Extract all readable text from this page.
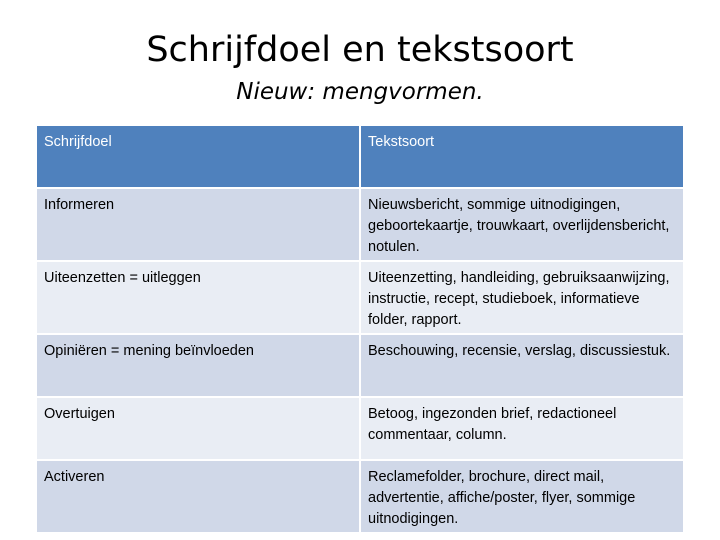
Schrijfdoel en tekstsoort
Nieuw: mengvormen.
Schrijfdoel	Tekstsoort
Informeren	Nieuwsbericht, sommige uitnodigingen, geboortekaartje, trouwkaart, overlijdensbericht, notulen.
Uiteenzetten = uitleggen	Uiteenzetting, handleiding, gebruiksaanwijzing, instructie, recept, studieboek, informatieve folder, rapport.
Opiniëren = mening beïnvloeden	Beschouwing, recensie, verslag, discussiestuk.
Overtuigen	Betoog, ingezonden brief, redactioneel commentaar, column.
Activeren	Reclamefolder, brochure, direct mail, advertentie, affiche/poster, flyer, sommige uitnodigingen.
